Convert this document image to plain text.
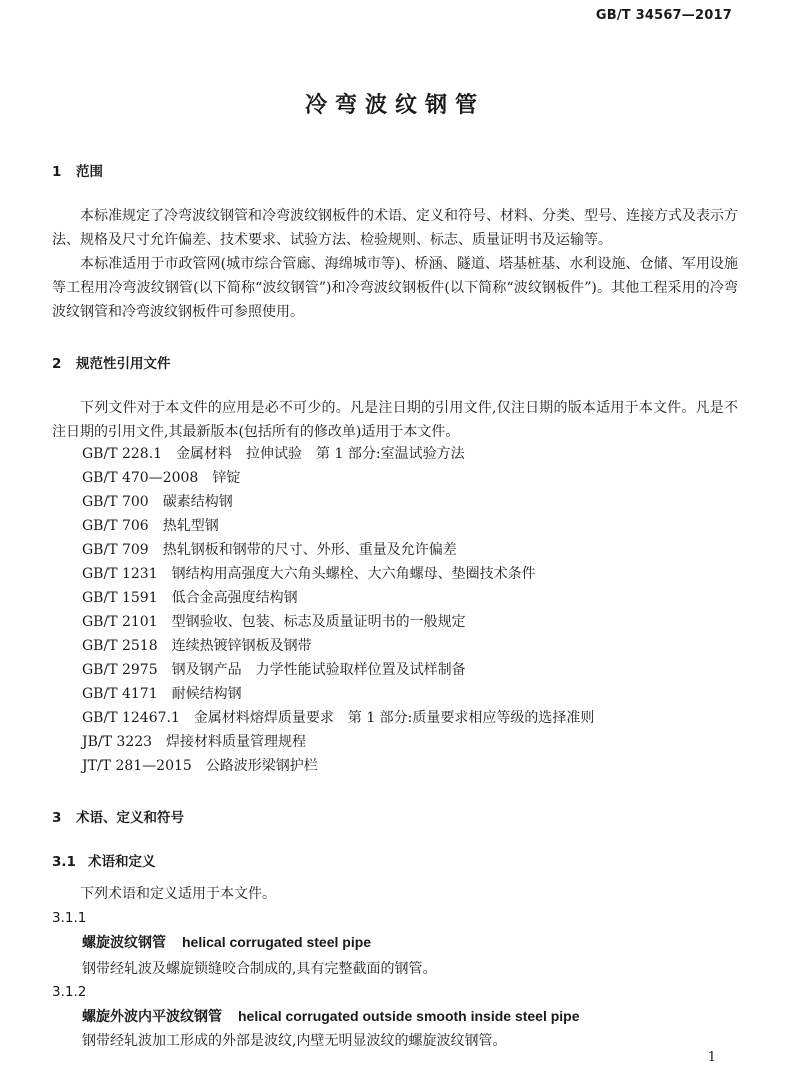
GB/T 34567—2017
冷弯波纹钢管
1 范围
本标准规定了冷弯波纹钢管和冷弯波纹钢板件的术语、定义和符号、材料、分类、型号、连接方式及表示方法、规格及尺寸允许偏差、技术要求、试验方法、检验规则、标志、质量证明书及运输等。
本标准适用于市政管网(城市综合管廊、海绵城市等)、桥涵、隧道、塔基桩基、水利设施、仓储、军用设施等工程用冷弯波纹钢管(以下简称“波纹钢管”)和冷弯波纹钢板件(以下简称“波纹钢板件”)。其他工程采用的冷弯波纹钢管和冷弯波纹钢板件可参照使用。
2 规范性引用文件
下列文件对于本文件的应用是必不可少的。凡是注日期的引用文件,仅注日期的版本适用于本文件。凡是不注日期的引用文件,其最新版本(包括所有的修改单)适用于本文件。
GB/T 228.1 金属材料　拉伸试验　第 1 部分:室温试验方法
GB/T 470—2008 锌锭
GB/T 700 碳素结构钢
GB/T 706 热轧型钢
GB/T 709 热轧钢板和钢带的尺寸、外形、重量及允许偏差
GB/T 1231 钢结构用高强度大六角头螺栓、大六角螺母、垫圈技术条件
GB/T 1591 低合金高强度结构钢
GB/T 2101 型钢验收、包装、标志及质量证明书的一般规定
GB/T 2518 连续热镀锌钢板及钢带
GB/T 2975 钢及钢产品　力学性能试验取样位置及试样制备
GB/T 4171 耐候结构钢
GB/T 12467.1 金属材料熔焊质量要求　第 1 部分:质量要求相应等级的选择准则
JB/T 3223 焊接材料质量管理规程
JT/T 281—2015 公路波形梁钢护栏
3 术语、定义和符号
3.1 术语和定义
下列术语和定义适用于本文件。
3.1.1
螺旋波纹钢管 helical corrugated steel pipe
钢带经轧波及螺旋锁缝咬合制成的,具有完整截面的钢管。
3.1.2
螺旋外波内平波纹钢管 helical corrugated outside smooth inside steel pipe
钢带经轧波加工形成的外部是波纹,内壁无明显波纹的螺旋波纹钢管。
1
